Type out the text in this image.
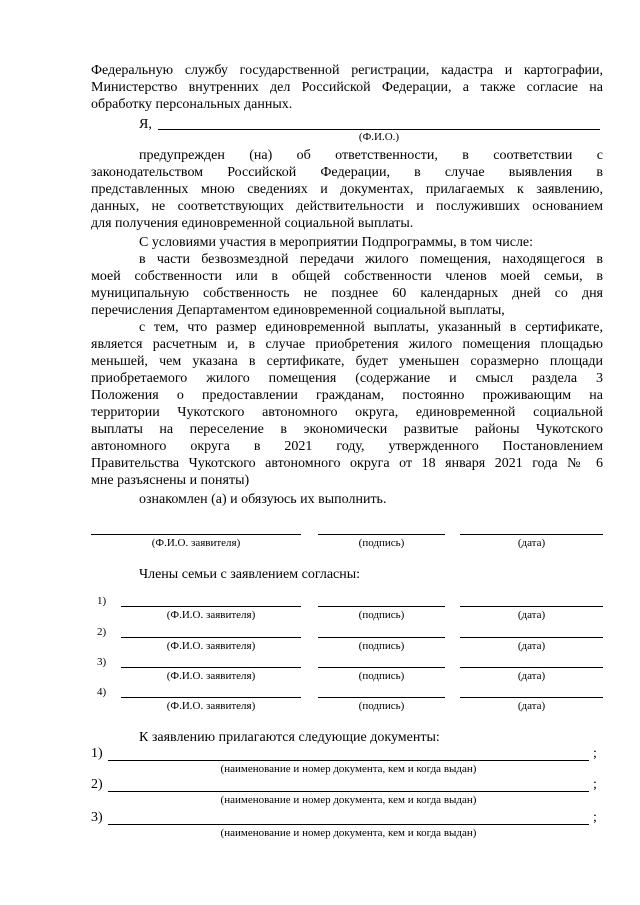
Федеральную службу государственной регистрации, кадастра и картографии,
Министерство внутренних дел Российской Федерации, а также согласие на
обработку персональных данных.
Я,
(Ф.И.О.)
предупрежден (на) об ответственности, в соответствии с
законодательством Российской Федерации, в случае выявления в
представленных мною сведениях и документах, прилагаемых к заявлению,
данных, не соответствующих действительности и послуживших основанием
для получения единовременной социальной выплаты.
С условиями участия в мероприятии Подпрограммы, в том числе:
в части безвозмездной передачи жилого помещения, находящегося в
моей собственности или в общей собственности членов моей семьи, в
муниципальную собственность не позднее 60 календарных дней со дня
перечисления Департаментом единовременной социальной выплаты,
с тем, что размер единовременной выплаты, указанный в сертификате,
является расчетным и, в случае приобретения жилого помещения площадью
меньшей, чем указана в сертификате, будет уменьшен соразмерно площади
приобретаемого жилого помещения (содержание и смысл раздела 3
Положения о предоставлении гражданам, постоянно проживающим на
территории Чукотского автономного округа, единовременной социальной
выплаты на переселение в экономически развитые районы Чукотского
автономного округа в 2021 году, утвержденного Постановлением
Правительства Чукотского автономного округа от 18 января 2021 года № 6
мне разъяснены и поняты)
ознакомлен (а) и обязуюсь их выполнить.
(Ф.И.О. заявителя)	(подпись)	(дата)
Члены семьи с заявлением согласны:
1)
(Ф.И.О. заявителя)	(подпись)	(дата)
2)
(Ф.И.О. заявителя)	(подпись)	(дата)
3)
(Ф.И.О. заявителя)	(подпись)	(дата)
4)
(Ф.И.О. заявителя)	(подпись)	(дата)
К заявлению прилагаются следующие документы:
1)	;
(наименование и номер документа, кем и когда выдан)
2)	;
(наименование и номер документа, кем и когда выдан)
3)	;
(наименование и номер документа, кем и когда выдан)
